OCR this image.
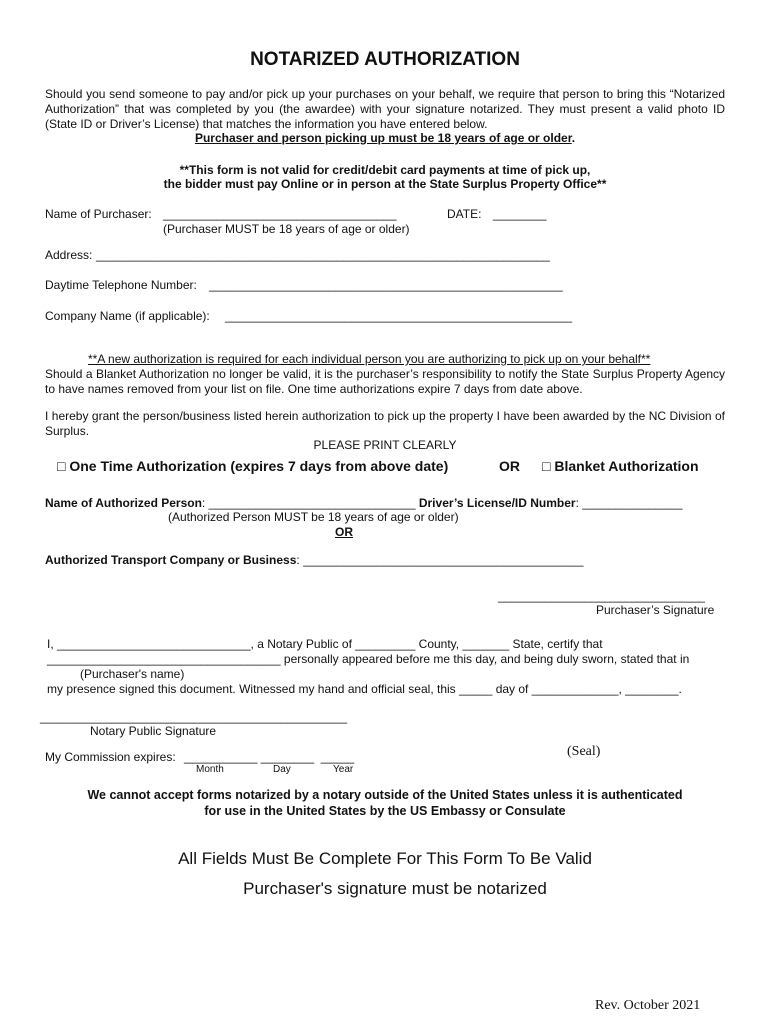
NOTARIZED AUTHORIZATION
Should you send someone to pay and/or pick up your purchases on your behalf, we require that person to bring this “Notarized Authorization” that was completed by you (the awardee) with your signature notarized. They must present a valid photo ID (State ID or Driver’s License) that matches the information you have entered below.
Purchaser and person picking up must be 18 years of age or older.
**This form is not valid for credit/debit card payments at time of pick up,
the bidder must pay Online or in person at the State Surplus Property Office**
Name of Purchaser: ___________________________________	DATE: ________
(Purchaser MUST be 18 years of age or older)
Address: ____________________________________________________________________
Daytime Telephone Number: _____________________________________________________
Company Name (if applicable): ____________________________________________________
**A new authorization is required for each individual person you are authorizing to pick up on your behalf**
Should a Blanket Authorization no longer be valid, it is the purchaser’s responsibility to notify the State Surplus Property Agency to have names removed from your list on file. One time authorizations expire 7 days from date above.
I hereby grant the person/business listed herein authorization to pick up the property I have been awarded by the NC Division of Surplus.
PLEASE PRINT CLEARLY
□ One Time Authorization (expires 7 days from above date)	OR □ Blanket Authorization
Name of Authorized Person: _______________________________ Driver’s License/ID Number: _______________
(Authorized Person MUST be 18 years of age or older)
OR
Authorized Transport Company or Business: __________________________________________
_______________________________
Purchaser’s Signature
I, _____________________________, a Notary Public of _________ County, _______ State, certify that
___________________________________ personally appeared before me this day, and being duly sworn, stated that in
(Purchaser's name)
my presence signed this document. Witnessed my hand and official seal, this _____ day of _____________, ________.
______________________________________________
Notary Public Signature
My Commission expires: ___________ ________  _____
Month	Day	Year
(Seal)
We cannot accept forms notarized by a notary outside of the United States unless it is authenticated
for use in the United States by the US Embassy or Consulate
All Fields Must Be Complete For This Form To Be Valid
Purchaser's signature must be notarized
Rev. October 2021
